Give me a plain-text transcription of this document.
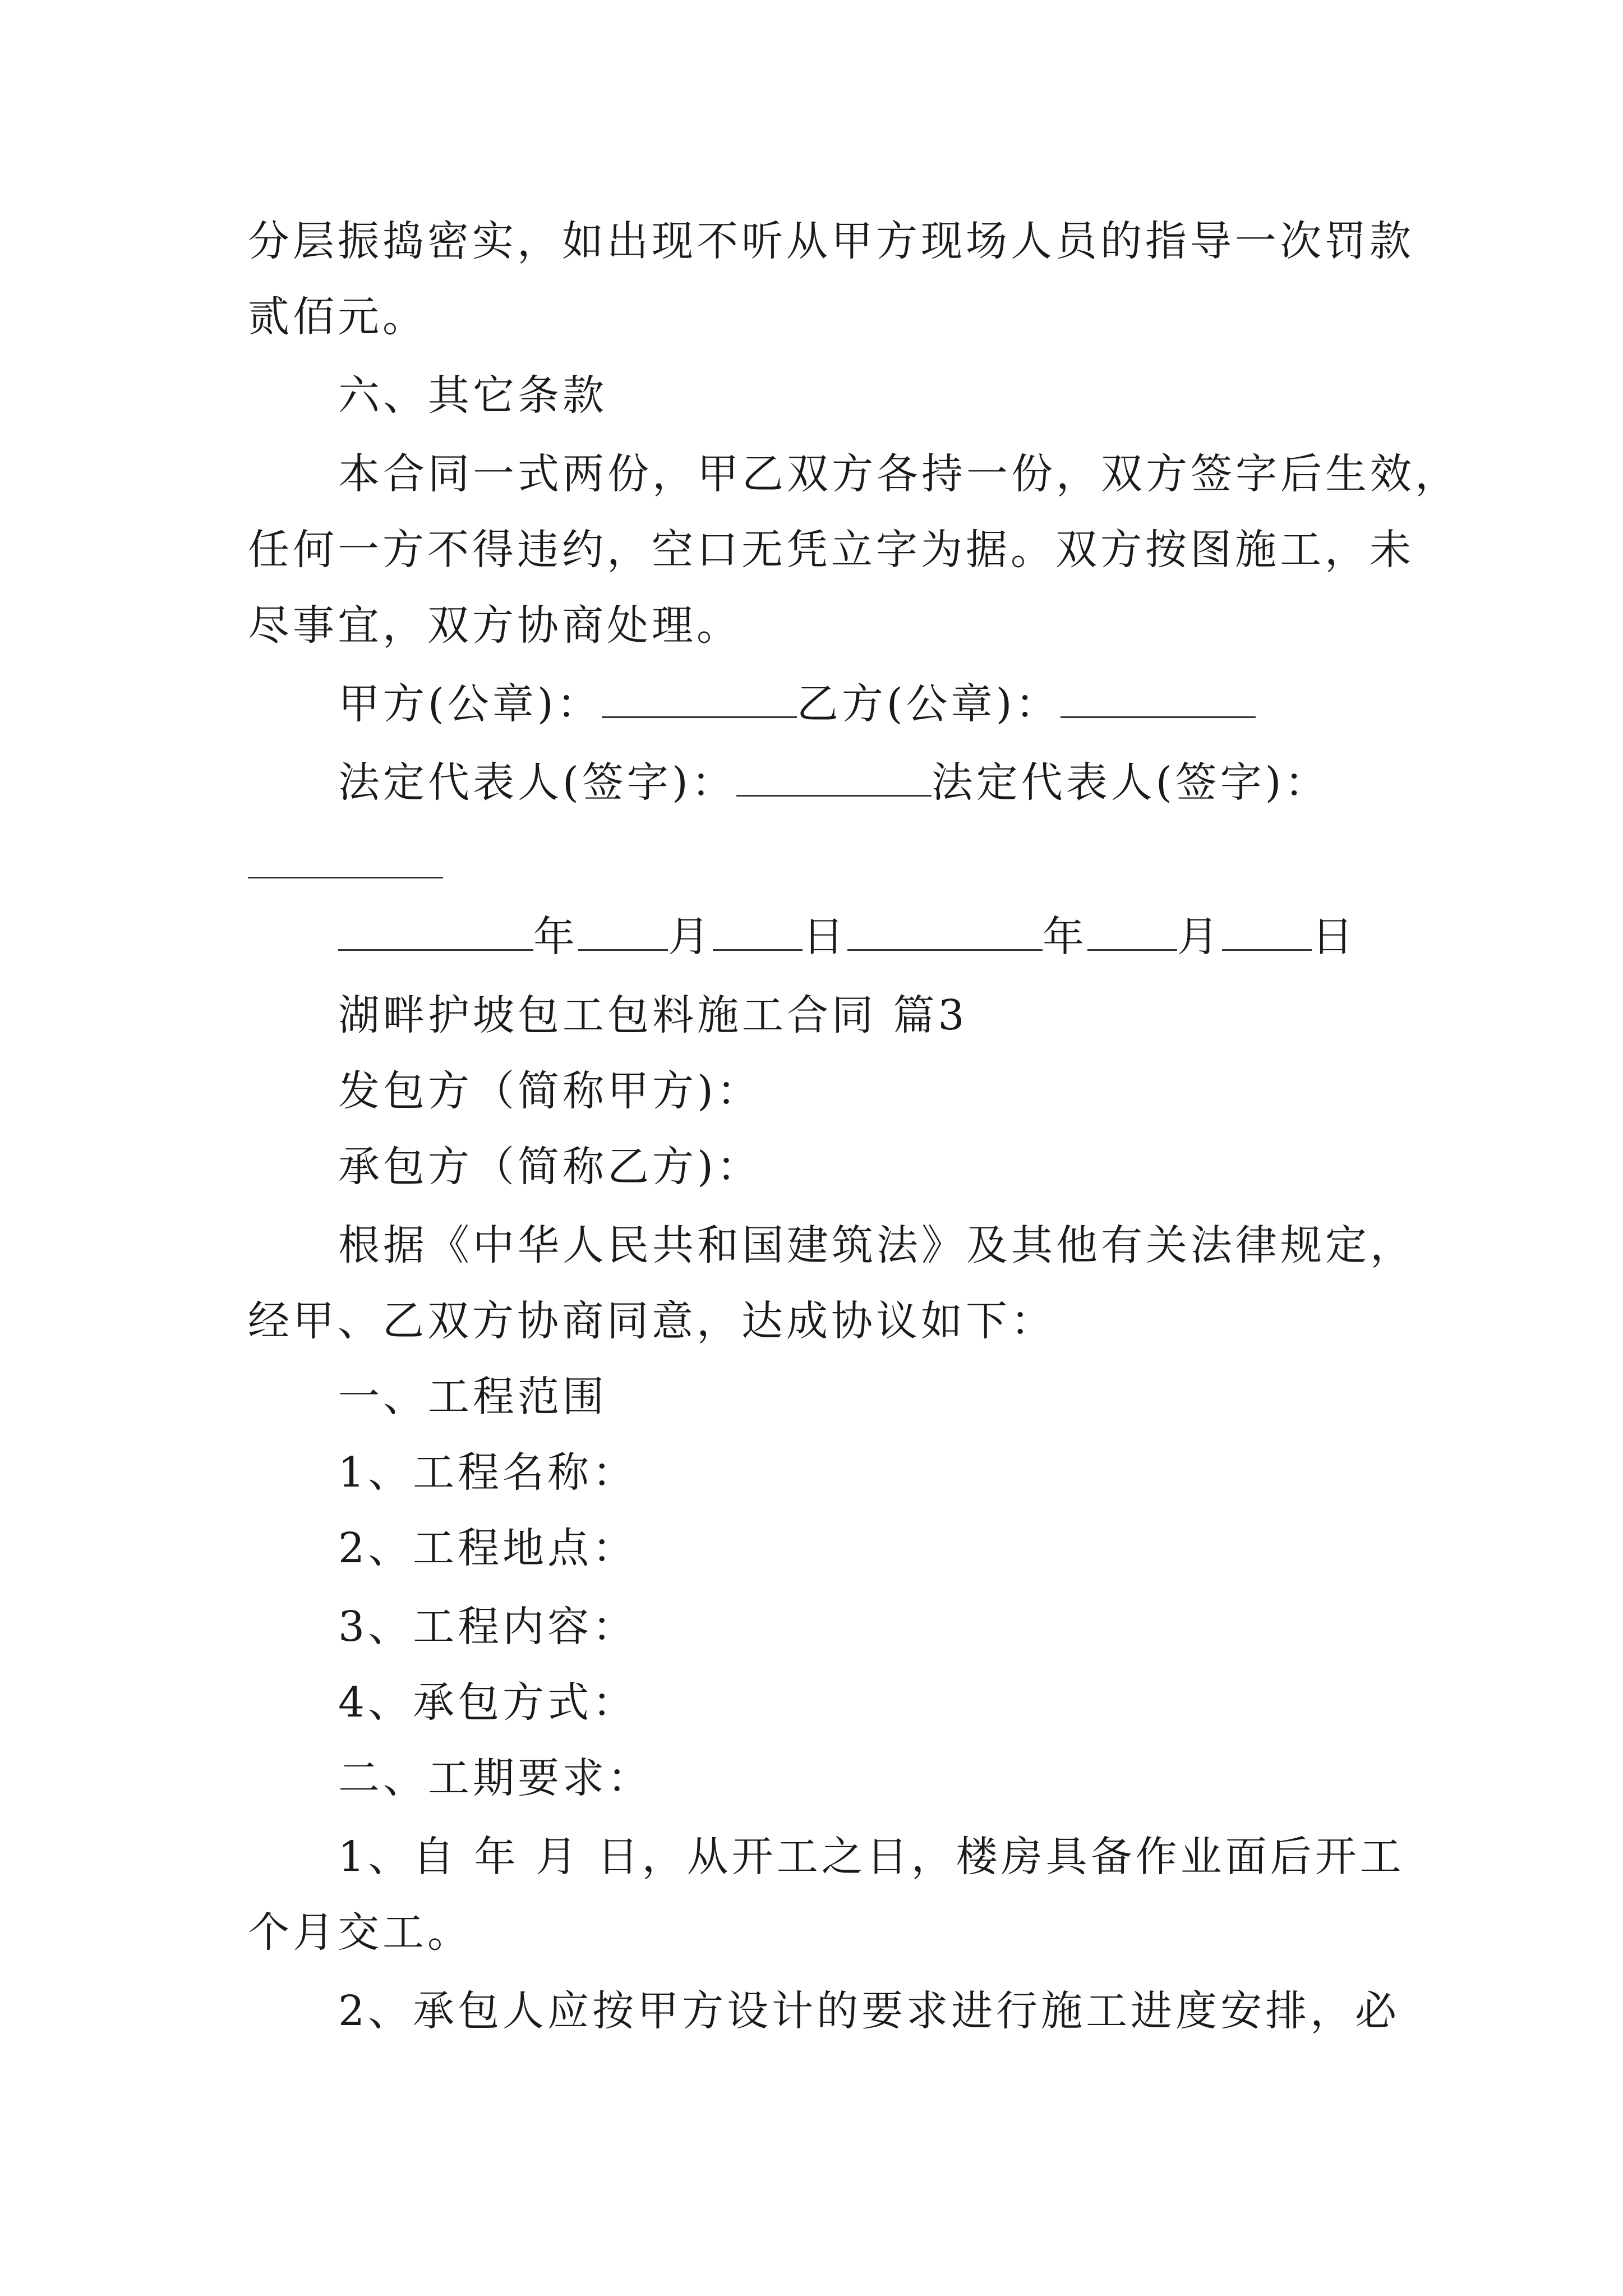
分层振捣密实，如出现不听从甲方现场人员的指导一次罚款
贰佰元。
六、其它条款
本合同一式两份，甲乙双方各持一份，双方签字后生效，
任何一方不得违约，空口无凭立字为据。双方按图施工，未
尽事宜，双方协商处理。
甲方(公章)：	乙方(公章)：
法定代表人(签字)：	法定代表人(签字)：
年 月 日	年 月 日
湖畔护坡包工包料施工合同 篇3
发包方（简称甲方)：
承包方（简称乙方)：
根据《中华人民共和国建筑法》及其他有关法律规定，
经甲、乙双方协商同意，达成协议如下：
一、工程范围
1、工程名称：
2、工程地点：
3、工程内容：
4、承包方式：
二、工期要求：
1、自 年 月 日，从开工之日，楼房具备作业面后开工
个月交工。
2、承包人应按甲方设计的要求进行施工进度安排，必
